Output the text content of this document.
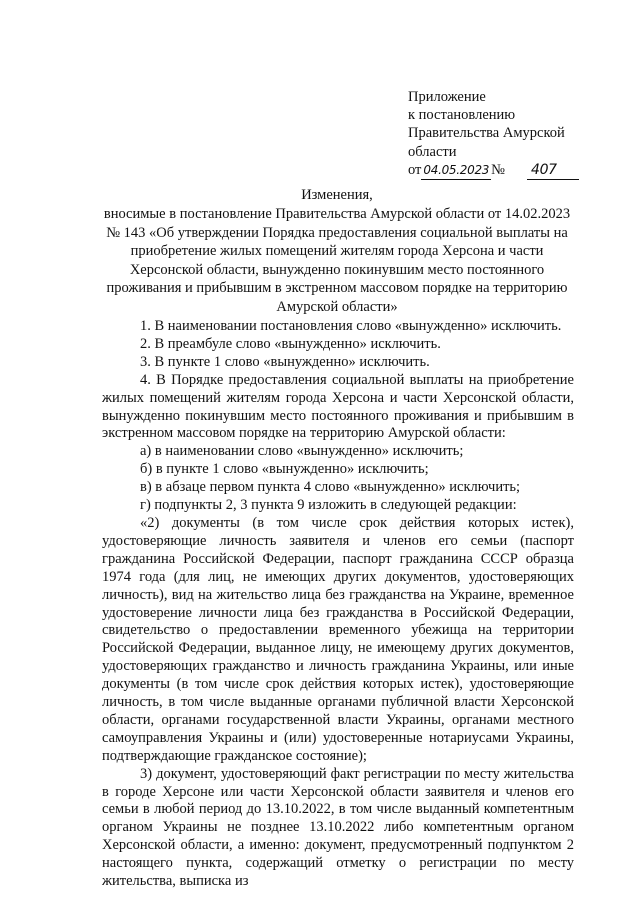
Приложение
к постановлению
Правительства Амурской
области
от 04.05.2023 № 407

Изменения,

вносимые в постановление Правительства Амурской области от 14.02.2023 № 143 «Об утверждении Порядка предоставления социальной выплаты на приобретение жилых помещений жителям города Херсона и части Херсонской области, вынужденно покинувшим место постоянного проживания и прибывшим в экстренном массовом порядке на территорию Амурской области»

1. В наименовании постановления слово «вынужденно» исключить.

2. В преамбуле слово «вынужденно» исключить.

3. В пункте 1 слово «вынужденно» исключить.

4. В Порядке предоставления социальной выплаты на приобретение жилых помещений жителям города Херсона и части Херсонской области, вынужденно покинувшим место постоянного проживания и прибывшим в экстренном массовом порядке на территорию Амурской области:

а) в наименовании слово «вынужденно» исключить;

б) в пункте 1 слово «вынужденно» исключить;

в) в абзаце первом пункта 4 слово «вынужденно» исключить;

г) подпункты 2, 3 пункта 9 изложить в следующей редакции:

«2) документы (в том числе срок действия которых истек), удостоверяющие личность заявителя и членов его семьи (паспорт гражданина Российской Федерации, паспорт гражданина СССР образца 1974 года (для лиц, не имеющих других документов, удостоверяющих личность), вид на жительство лица без гражданства на Украине, временное удостоверение личности лица без гражданства в Российской Федерации, свидетельство о предоставлении временного убежища на территории Российской Федерации, выданное лицу, не имеющему других документов, удостоверяющих гражданство и личность гражданина Украины, или иные документы (в том числе срок действия которых истек), удостоверяющие личность, в том числе выданные органами публичной власти Херсонской области, органами государственной власти Украины, органами местного самоуправления Украины и (или) удостоверенные нотариусами Украины, подтверждающие гражданское состояние);

3) документ, удостоверяющий факт регистрации по месту жительства в городе Херсоне или части Херсонской области заявителя и членов его семьи в любой период до 13.10.2022, в том числе выданный компетентным органом Украины не позднее 13.10.2022 либо компетентным органом Херсонской области, а именно: документ, предусмотренный подпунктом 2 настоящего пункта, содержащий отметку о регистрации по месту жительства, выписка из
